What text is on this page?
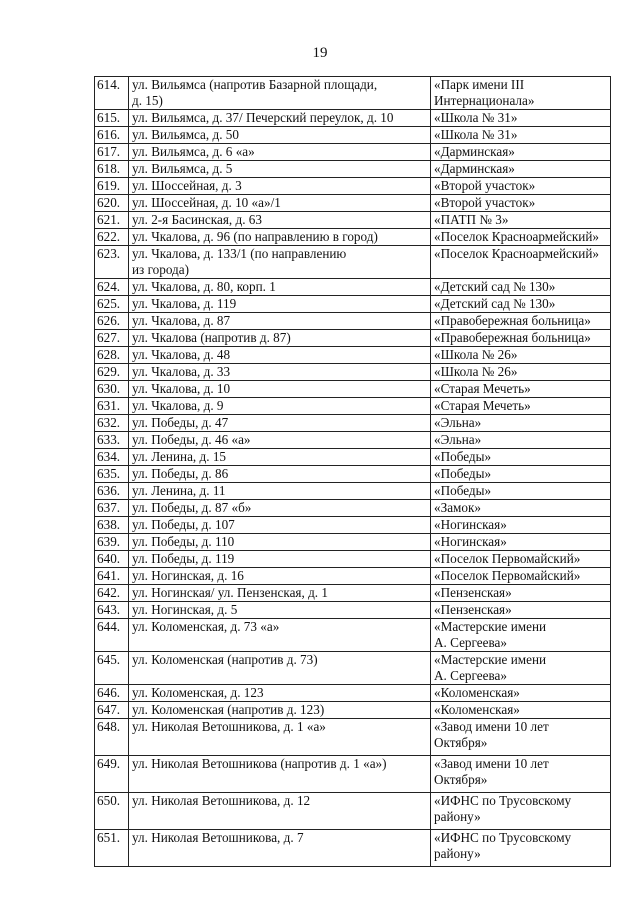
19
614.	ул. Вильямса (напротив Базарной площади,
д. 15)	«Парк имени III
Интернационала»
615.	ул. Вильямса, д. 37/ Печерский переулок, д. 10	«Школа № 31»
616.	ул. Вильямса, д. 50	«Школа № 31»
617.	ул. Вильямса, д. 6 «а»	«Дарминская»
618.	ул. Вильямса, д. 5	«Дарминская»
619.	ул. Шоссейная, д. 3	«Второй участок»
620.	ул. Шоссейная, д. 10 «а»/1	«Второй участок»
621.	ул. 2-я Басинская, д. 63	«ПАТП № 3»
622.	ул. Чкалова, д. 96 (по направлению в город)	«Поселок Красноармейский»
623.	ул. Чкалова, д. 133/1 (по направлению
из города)	«Поселок Красноармейский»
624.	ул. Чкалова, д. 80, корп. 1	«Детский сад № 130»
625.	ул. Чкалова, д. 119	«Детский сад № 130»
626.	ул. Чкалова, д. 87	«Правобережная больница»
627.	ул. Чкалова (напротив д. 87)	«Правобережная больница»
628.	ул. Чкалова, д. 48	«Школа № 26»
629.	ул. Чкалова, д. 33	«Школа № 26»
630.	ул. Чкалова, д. 10	«Старая Мечеть»
631.	ул. Чкалова, д. 9	«Старая Мечеть»
632.	ул. Победы, д. 47	«Эльна»
633.	ул. Победы, д. 46 «а»	«Эльна»
634.	ул. Ленина, д. 15	«Победы»
635.	ул. Победы, д. 86	«Победы»
636.	ул. Ленина, д. 11	«Победы»
637.	ул. Победы, д. 87 «б»	«Замок»
638.	ул. Победы, д. 107	«Ногинская»
639.	ул. Победы, д. 110	«Ногинская»
640.	ул. Победы, д. 119	«Поселок Первомайский»
641.	ул. Ногинская, д. 16	«Поселок Первомайский»
642.	ул. Ногинская/ ул. Пензенская, д. 1	«Пензенская»
643.	ул. Ногинская, д. 5	«Пензенская»
644.	ул. Коломенская, д. 73 «а»	«Мастерские имени
А. Сергеева»
645.	ул. Коломенская (напротив д. 73)	«Мастерские имени
А. Сергеева»
646.	ул. Коломенская, д. 123	«Коломенская»
647.	ул. Коломенская (напротив д. 123)	«Коломенская»
648.	ул. Николая Ветошникова, д. 1 «а»	«Завод имени 10 лет
Октября»
649.	ул. Николая Ветошникова (напротив д. 1 «а»)	«Завод имени 10 лет
Октября»
650.	ул. Николая Ветошникова, д. 12	«ИФНС по Трусовскому
району»
651.	ул. Николая Ветошникова, д. 7	«ИФНС по Трусовскому
району»
